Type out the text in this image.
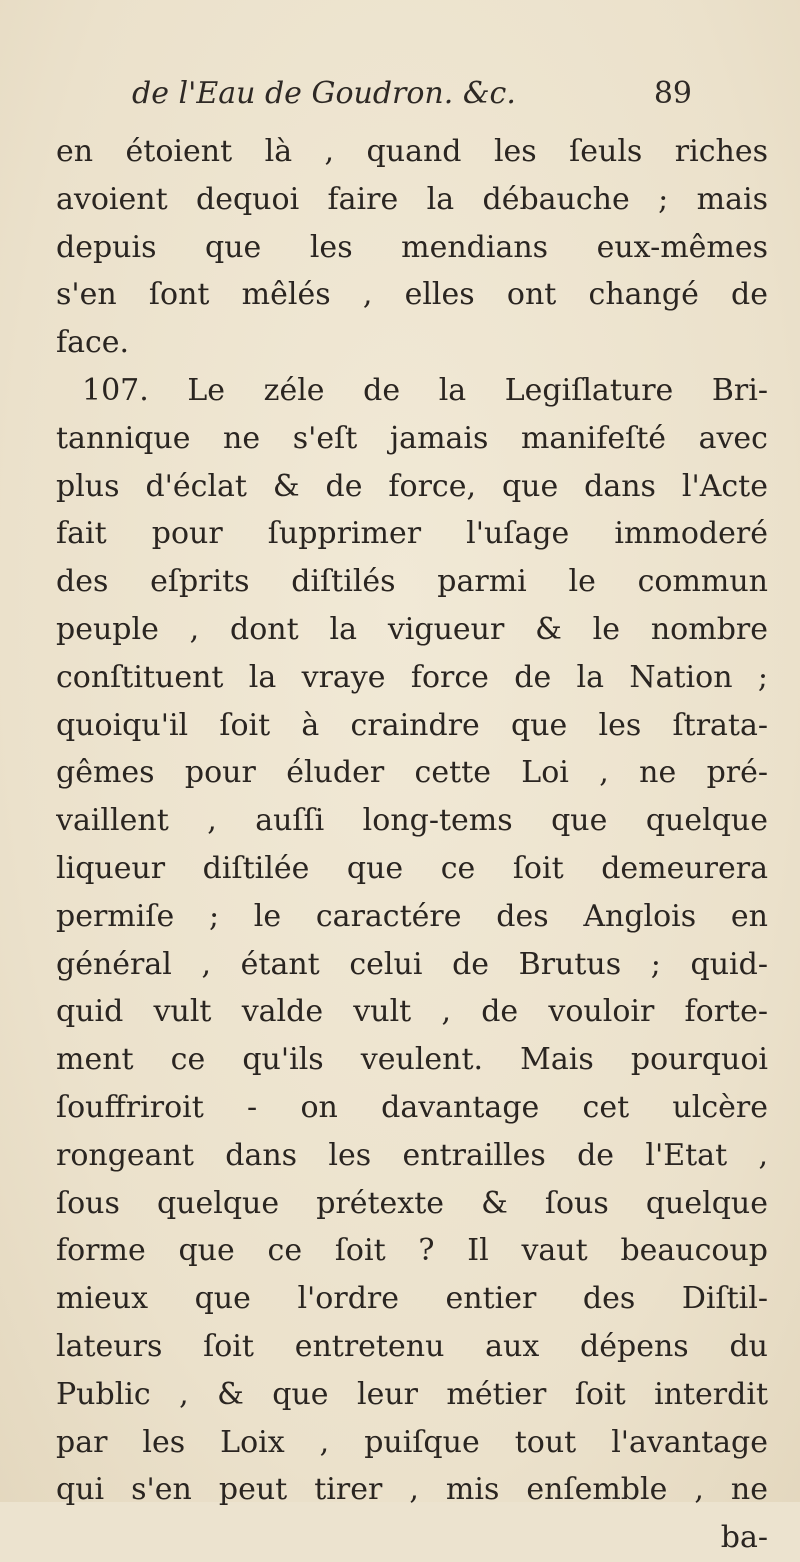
de l'Eau de Goudron. &c.	89
en étoient là , quand les ſeuls riches
avoient dequoi faire la débauche ; mais
depuis que les mendians eux-mêmes
s'en ſont mêlés , elles ont changé de
face.
107. Le zéle de la Legiſlature Bri-
tannique ne s'eſt jamais manifeſté avec
plus d'éclat & de force, que dans l'Acte
fait pour ſupprimer l'uſage immoderé
des eſprits diſtilés parmi le commun
peuple , dont la vigueur & le nombre
conſtituent la vraye force de la Nation ;
quoiqu'il ſoit à craindre que les ſtrata-
gêmes pour éluder cette Loi , ne pré-
vaillent , auſſi long-tems que quelque
liqueur diſtilée que ce ſoit demeurera
permiſe ; le caractére des Anglois en
général , étant celui de Brutus ; quid-
quid vult valde vult , de vouloir forte-
ment ce qu'ils veulent. Mais pourquoi
ſouffriroit - on davantage cet ulcère
rongeant dans les entrailles de l'Etat ,
ſous quelque prétexte & ſous quelque
forme que ce ſoit ? Il vaut beaucoup
mieux que l'ordre entier des Diſtil-
lateurs ſoit entretenu aux dépens du
Public , & que leur métier ſoit interdit
par les Loix , puiſque tout l'avantage
qui s'en peut tirer , mis enſemble , ne
ba-
